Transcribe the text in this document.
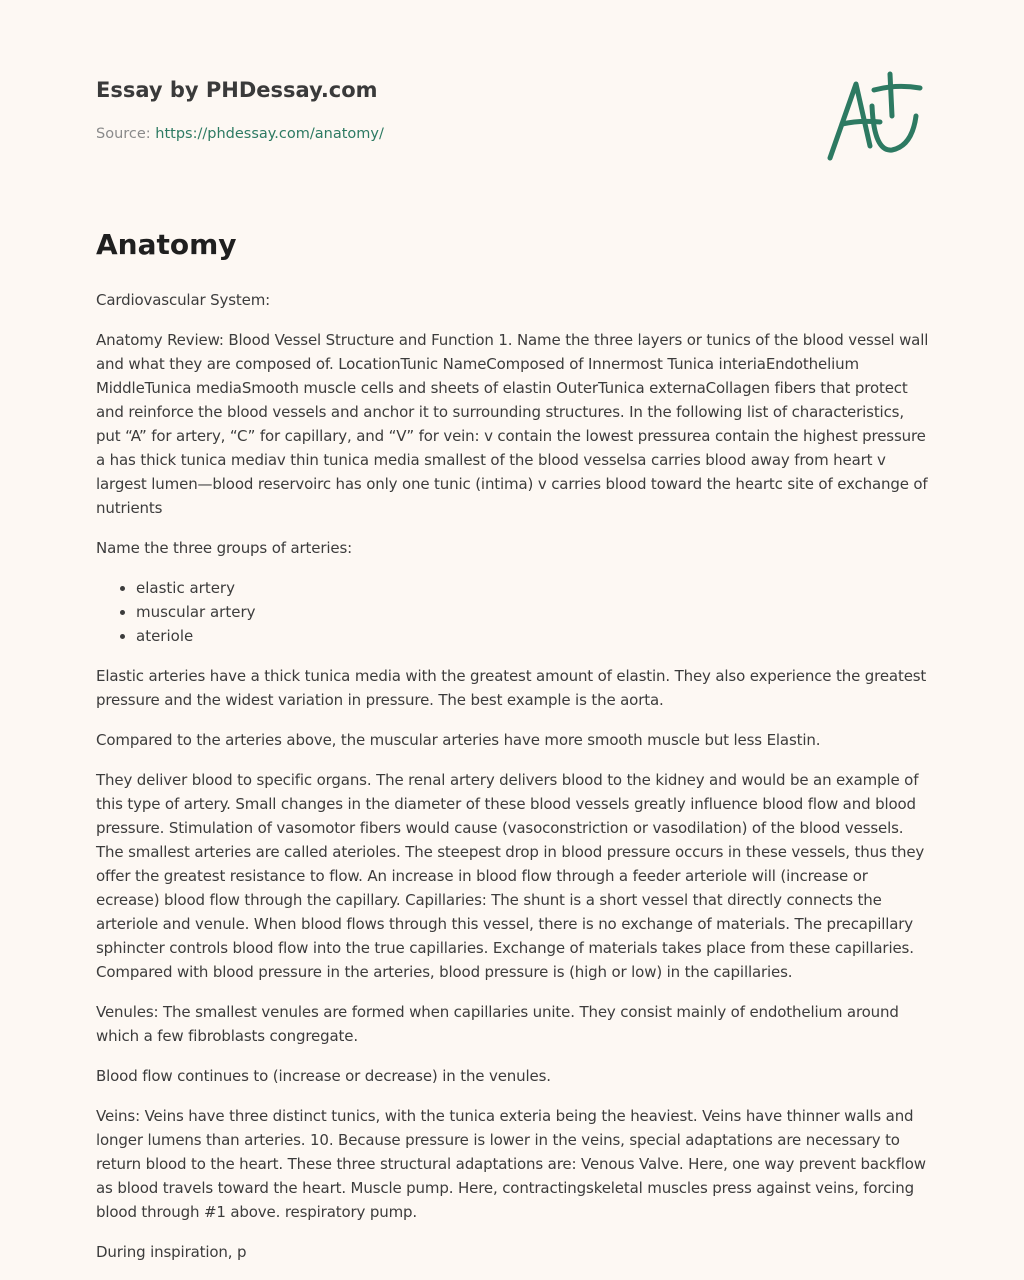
Essay by PHDessay.com
Source: https://phdessay.com/anatomy/
Anatomy

Cardiovascular System:

Anatomy Review: Blood Vessel Structure and Function 1. Name the three layers or tunics of the blood vessel wall and what they are composed of. LocationTunic NameComposed of Innermost Tunica interiaEndothelium MiddleTunica mediaSmooth muscle cells and sheets of elastin OuterTunica externaCollagen fibers that protect and reinforce the blood vessels and anchor it to surrounding structures. In the following list of characteristics, put “A” for artery, “C” for capillary, and “V” for vein: v contain the lowest pressurea contain the highest pressure a has thick tunica mediav thin tunica media smallest of the blood vesselsa carries blood away from heart v largest lumen—blood reservoirc has only one tunic (intima) v carries blood toward the heartc site of exchange of nutrients

Name the three groups of arteries:

• elastic artery
• muscular artery
• ateriole

Elastic arteries have a thick tunica media with the greatest amount of elastin. They also experience the greatest pressure and the widest variation in pressure. The best example is the aorta.

Compared to the arteries above, the muscular arteries have more smooth muscle but less Elastin.

They deliver blood to specific organs. The renal artery delivers blood to the kidney and would be an example of this type of artery. Small changes in the diameter of these blood vessels greatly influence blood flow and blood pressure. Stimulation of vasomotor fibers would cause (vasoconstriction or vasodilation) of the blood vessels. The smallest arteries are called aterioles. The steepest drop in blood pressure occurs in these vessels, thus they offer the greatest resistance to flow. An increase in blood flow through a feeder arteriole will (increase or ecrease) blood flow through the capillary. Capillaries: The shunt is a short vessel that directly connects the arteriole and venule. When blood flows through this vessel, there is no exchange of materials. The precapillary sphincter controls blood flow into the true capillaries. Exchange of materials takes place from these capillaries. Compared with blood pressure in the arteries, blood pressure is (high or low) in the capillaries.

Venules: The smallest venules are formed when capillaries unite. They consist mainly of endothelium around which a few fibroblasts congregate.

Blood flow continues to (increase or decrease) in the venules.

Veins: Veins have three distinct tunics, with the tunica exteria being the heaviest. Veins have thinner walls and longer lumens than arteries. 10. Because pressure is lower in the veins, special adaptations are necessary to return blood to the heart. These three structural adaptations are: Venous Valve. Here, one way prevent backflow as blood travels toward the heart. Muscle pump. Here, contractingskeletal muscles press against veins, forcing blood through #1 above. respiratory pump.

During inspiration, p
